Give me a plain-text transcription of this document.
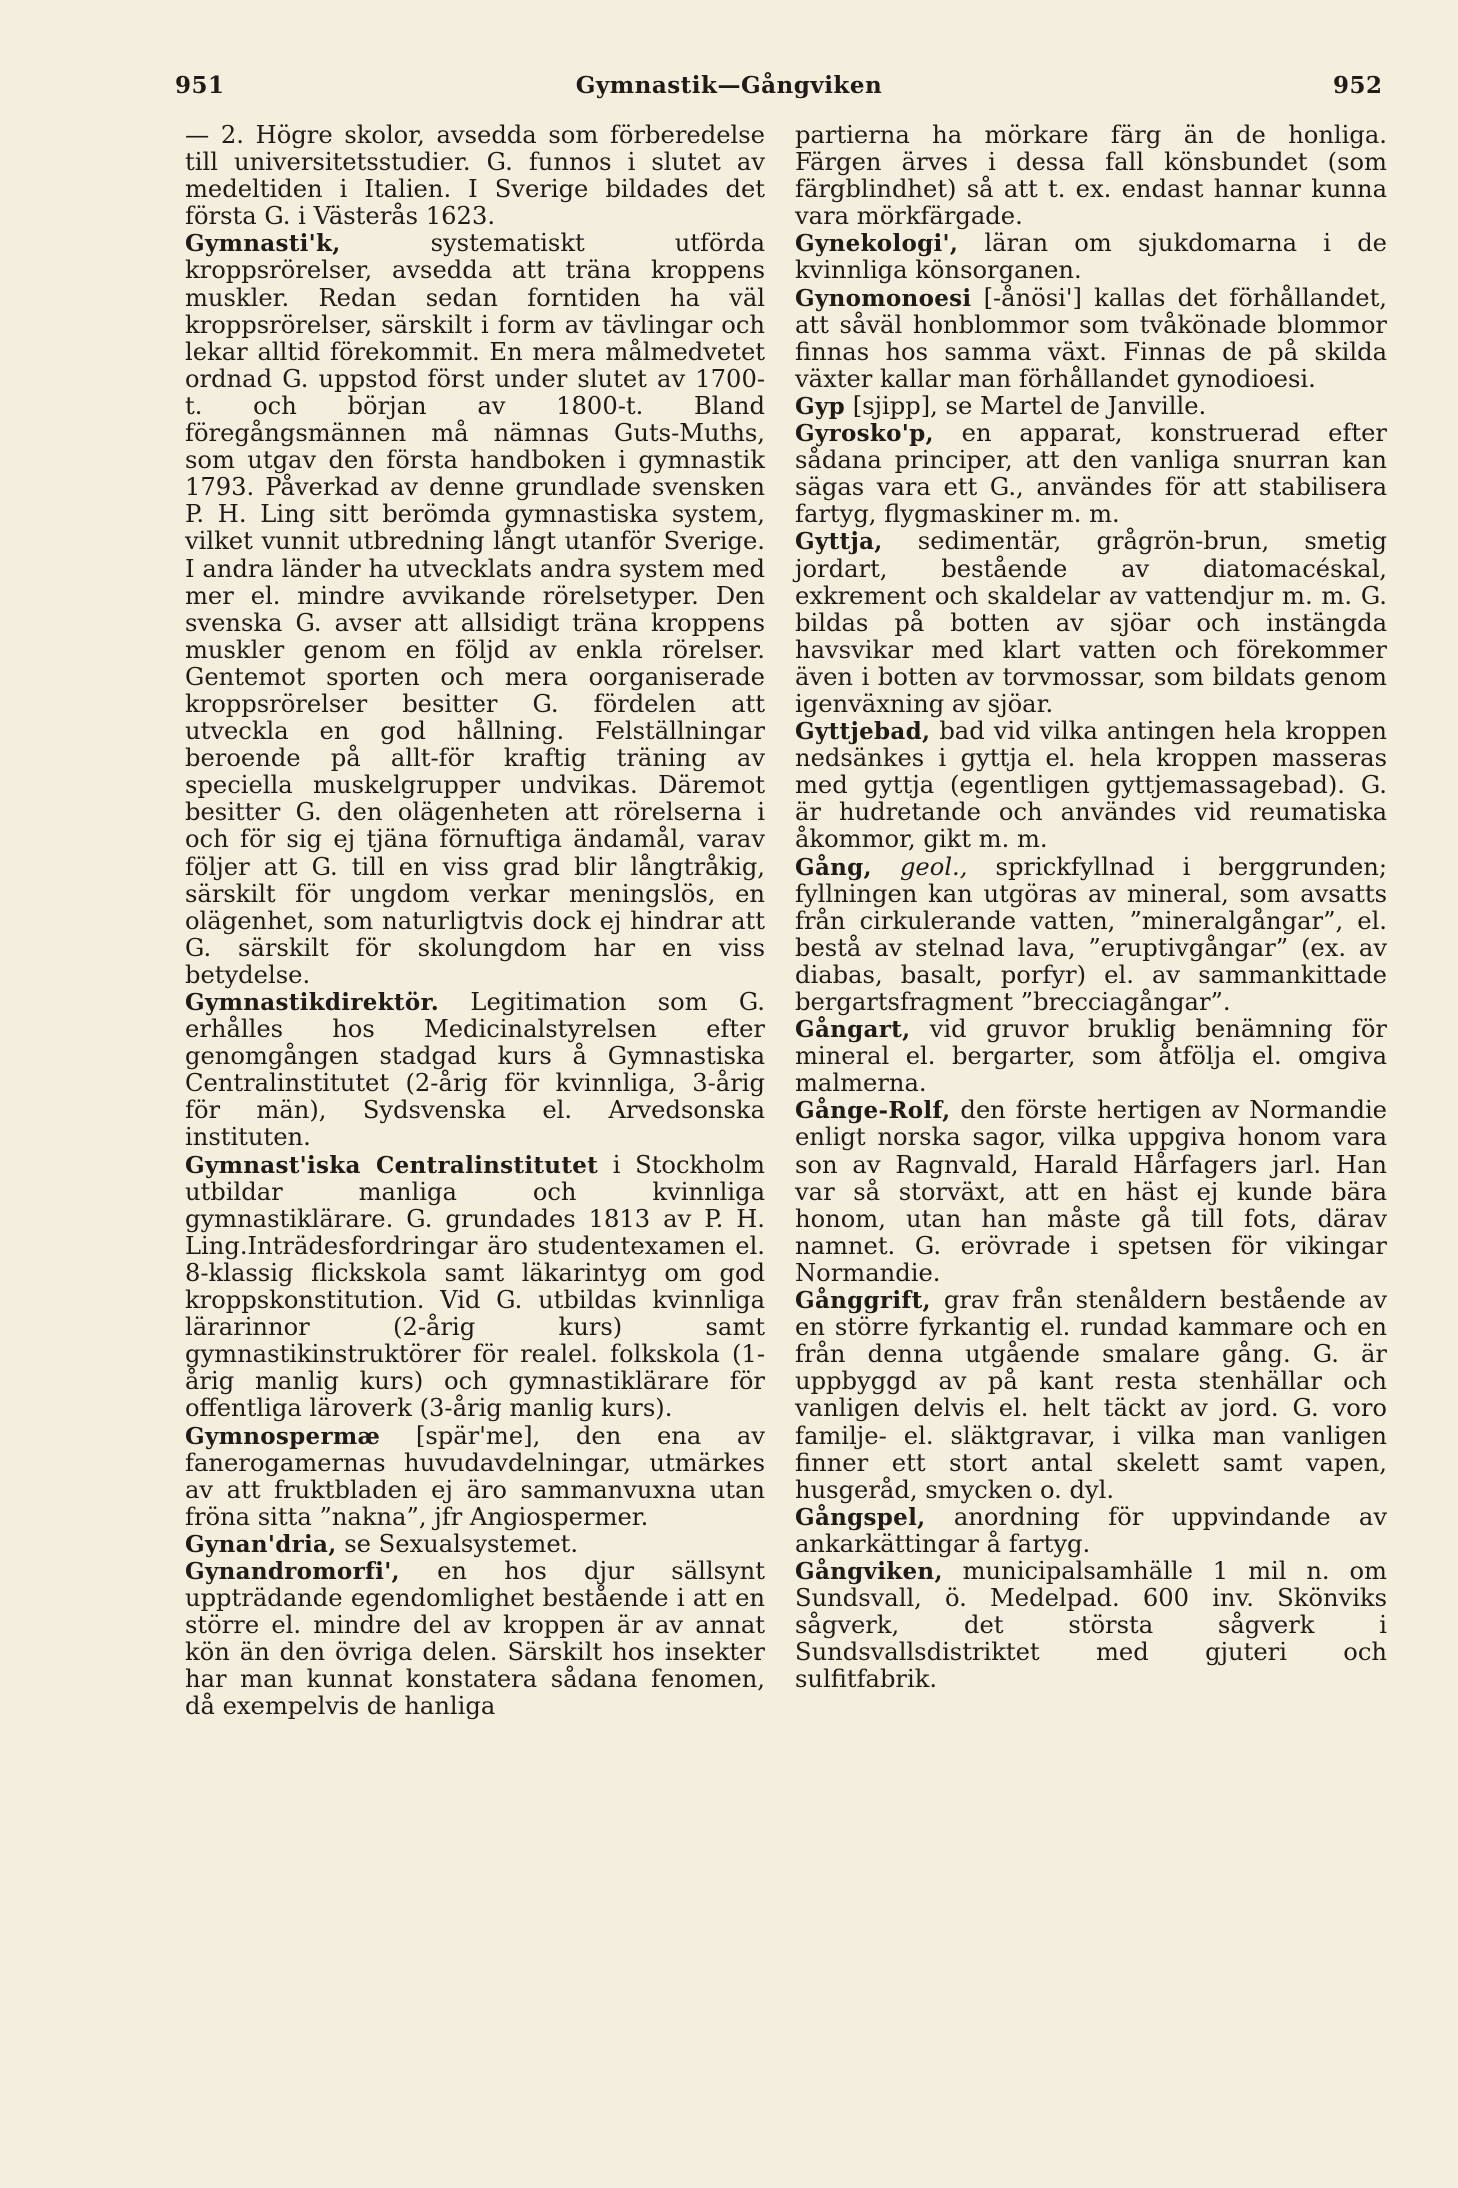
951	Gymnastik—Gångviken	952

— 2. Högre skolor, avsedda som förberedelse till universitetsstudier. G. funnos i slutet av medeltiden i Italien. I Sverige bildades det första G. i Västerås 1623.

Gymnasti'k, systematiskt utförda kroppsrörelser, avsedda att träna kroppens muskler. Redan sedan forntiden ha väl kroppsrörelser, särskilt i form av tävlingar och lekar alltid förekommit. En mera målmedvetet ordnad G. uppstod först under slutet av 1700-t. och början av 1800-t. Bland föregångsmännen må nämnas Guts-Muths, som utgav den första handboken i gymnastik 1793. Påverkad av denne grundlade svensken P. H. Ling sitt berömda gymnastiska system, vilket vunnit utbredning långt utanför Sverige. I andra länder ha utvecklats andra system med mer el. mindre avvikande rörelsetyper. Den svenska G. avser att allsidigt träna kroppens muskler genom en följd av enkla rörelser. Gentemot sporten och mera oorganiserade kroppsrörelser besitter G. fördelen att utveckla en god hållning. Felställningar beroende på allt-för kraftig träning av speciella muskelgrupper undvikas. Däremot besitter G. den olägenheten att rörelserna i och för sig ej tjäna förnuftiga ändamål, varav följer att G. till en viss grad blir långtråkig, särskilt för ungdom verkar meningslös, en olägenhet, som naturligtvis dock ej hindrar att G. särskilt för skolungdom har en viss betydelse.

Gymnastikdirektör. Legitimation som G. erhålles hos Medicinalstyrelsen efter genomgången stadgad kurs å Gymnastiska Centralinstitutet (2-årig för kvinnliga, 3-årig för män), Sydsvenska el. Arvedsonska instituten.

Gymnast'iska Centralinstitutet i Stockholm utbildar manliga och kvinnliga gymnastiklärare. G. grundades 1813 av P. H. Ling.Inträdesfordringar äro studentexamen el. 8-klassig flickskola samt läkarintyg om god kroppskonstitution. Vid G. utbildas kvinnliga lärarinnor (2-årig kurs) samt gymnastikinstruktörer för realel. folkskola (1-årig manlig kurs) och gymnastiklärare för offentliga läroverk (3-årig manlig kurs).

Gymnospermæ [spär'me], den ena av fanerogamernas huvudavdelningar, utmärkes av att fruktbladen ej äro sammanvuxna utan fröna sitta ”nakna”, jfr Angiospermer.

Gynan'dria, se Sexualsystemet.

Gynandromorfi', en hos djur sällsynt uppträdande egendomlighet bestående i att en större el. mindre del av kroppen är av annat kön än den övriga delen. Särskilt hos insekter har man kunnat konstatera sådana fenomen, då exempelvis de hanliga

partierna ha mörkare färg än de honliga. Färgen ärves i dessa fall könsbundet (som färgblindhet) så att t. ex. endast hannar kunna vara mörkfärgade.

Gynekologi', läran om sjukdomarna i de kvinnliga könsorganen.

Gynomonoesi [-ånösi'] kallas det förhållandet, att såväl honblommor som tvåkönade blommor finnas hos samma växt. Finnas de på skilda växter kallar man förhållandet gynodioesi.

Gyp [sjipp], se Martel de Janville.

Gyrosko'p, en apparat, konstruerad efter sådana principer, att den vanliga snurran kan sägas vara ett G., användes för att stabilisera fartyg, flygmaskiner m. m.

Gyttja, sedimentär, grågrön-brun, smetig jordart, bestående av diatomacéskal, exkrement och skaldelar av vattendjur m. m. G. bildas på botten av sjöar och instängda havsvikar med klart vatten och förekommer även i botten av torvmossar, som bildats genom igenväxning av sjöar.

Gyttjebad, bad vid vilka antingen hela kroppen nedsänkes i gyttja el. hela kroppen masseras med gyttja (egentligen gyttjemassagebad). G. är hudretande och användes vid reumatiska åkommor, gikt m. m.

Gång, geol., sprickfyllnad i berggrunden; fyllningen kan utgöras av mineral, som avsatts från cirkulerande vatten, ”mineralgångar”, el. bestå av stelnad lava, ”eruptivgångar” (ex. av diabas, basalt, porfyr) el. av sammankittade bergartsfragment ”brecciagångar”.

Gångart, vid gruvor bruklig benämning för mineral el. bergarter, som åtfölja el. omgiva malmerna.

Gånge-Rolf, den förste hertigen av Normandie enligt norska sagor, vilka uppgiva honom vara son av Ragnvald, Harald Hårfagers jarl. Han var så storväxt, att en häst ej kunde bära honom, utan han måste gå till fots, därav namnet. G. erövrade i spetsen för vikingar Normandie.

Gånggrift, grav från stenåldern bestående av en större fyrkantig el. rundad kammare och en från denna utgående smalare gång. G. är uppbyggd av på kant resta stenhällar och vanligen delvis el. helt täckt av jord. G. voro familje- el. släktgravar, i vilka man vanligen finner ett stort antal skelett samt vapen, husgeråd, smycken o. dyl.

Gångspel, anordning för uppvindande av ankarkättingar å fartyg.

Gångviken, municipalsamhälle 1 mil n. om Sundsvall, ö. Medelpad. 600 inv. Skönviks sågverk, det största sågverk i Sundsvallsdistriktet med gjuteri och sulfitfabrik.
